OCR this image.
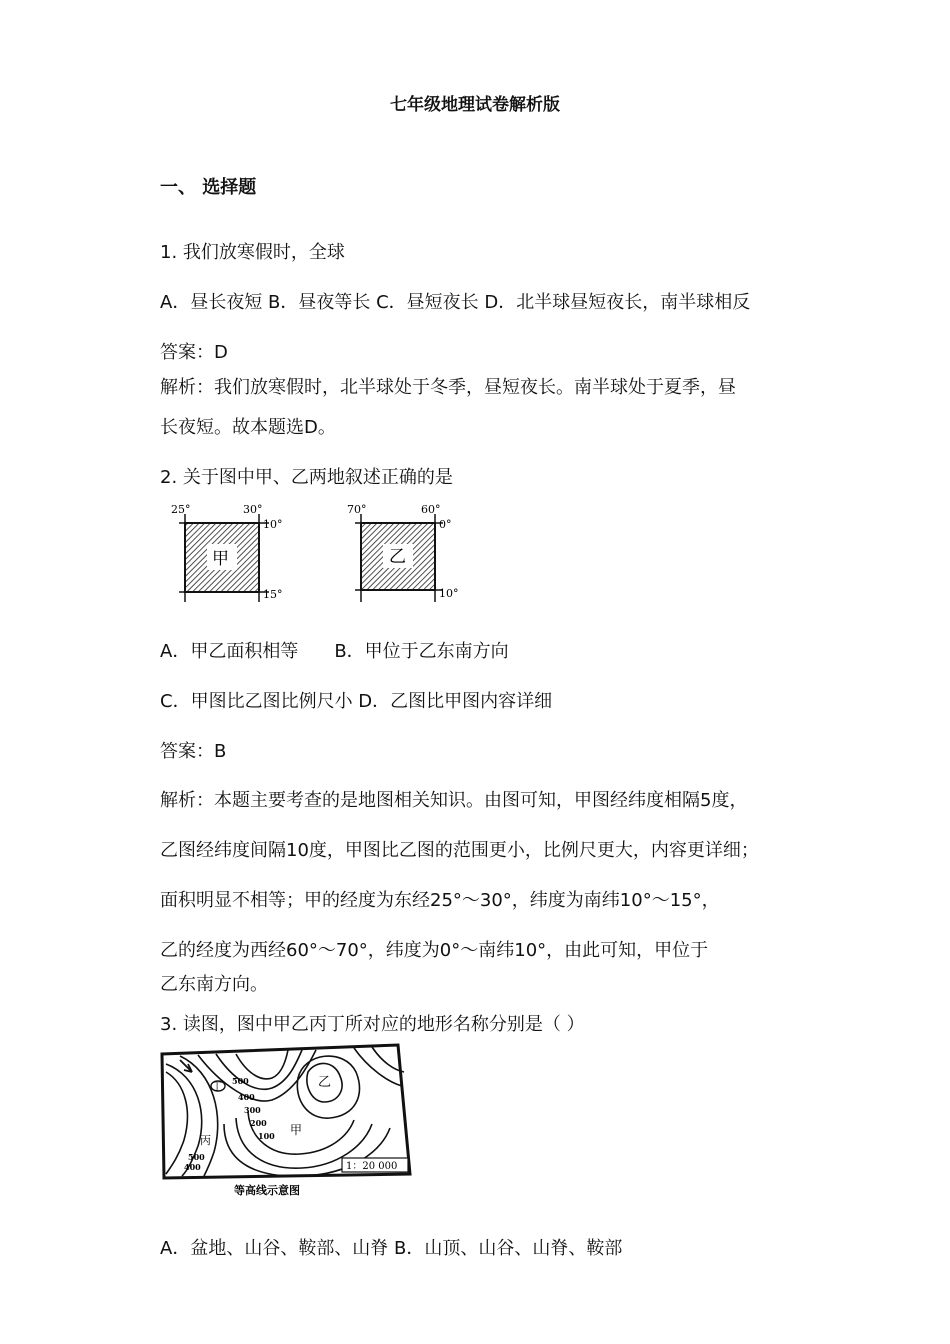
七年级地理试卷解析版
一、 选择题
1. 我们放寒假时，全球
A．昼长夜短 B．昼夜等长 C．昼短夜长 D．北半球昼短夜长，南半球相反
答案：D
解析：我们放寒假时，北半球处于冬季，昼短夜长。南半球处于夏季，昼
长夜短。故本题选D。
2. 关于图中甲、乙两地叙述正确的是
25°	30°
10°
15°
甲
70°	60°
0°
10°
乙
A．甲乙面积相等　　B．甲位于乙东南方向
C．甲图比乙图比例尺小 D．乙图比甲图内容详细
答案：B
解析：本题主要考查的是地图相关知识。由图可知，甲图经纬度相隔5度，
乙图经纬度间隔10度，甲图比乙图的范围更小，比例尺更大，内容更详细；
面积明显不相等；甲的经度为东经25°～30°，纬度为南纬10°～15°，
乙的经度为西经60°～70°，纬度为0°～南纬10°，由此可知，甲位于
乙东南方向。
3. 读图，图中甲乙丙丁所对应的地形名称分别是（ ）
500
400
300
200
100
500
400
甲
乙
丙
丁
1：20 000
等高线示意图
A．盆地、山谷、鞍部、山脊 B．山顶、山谷、山脊、鞍部
